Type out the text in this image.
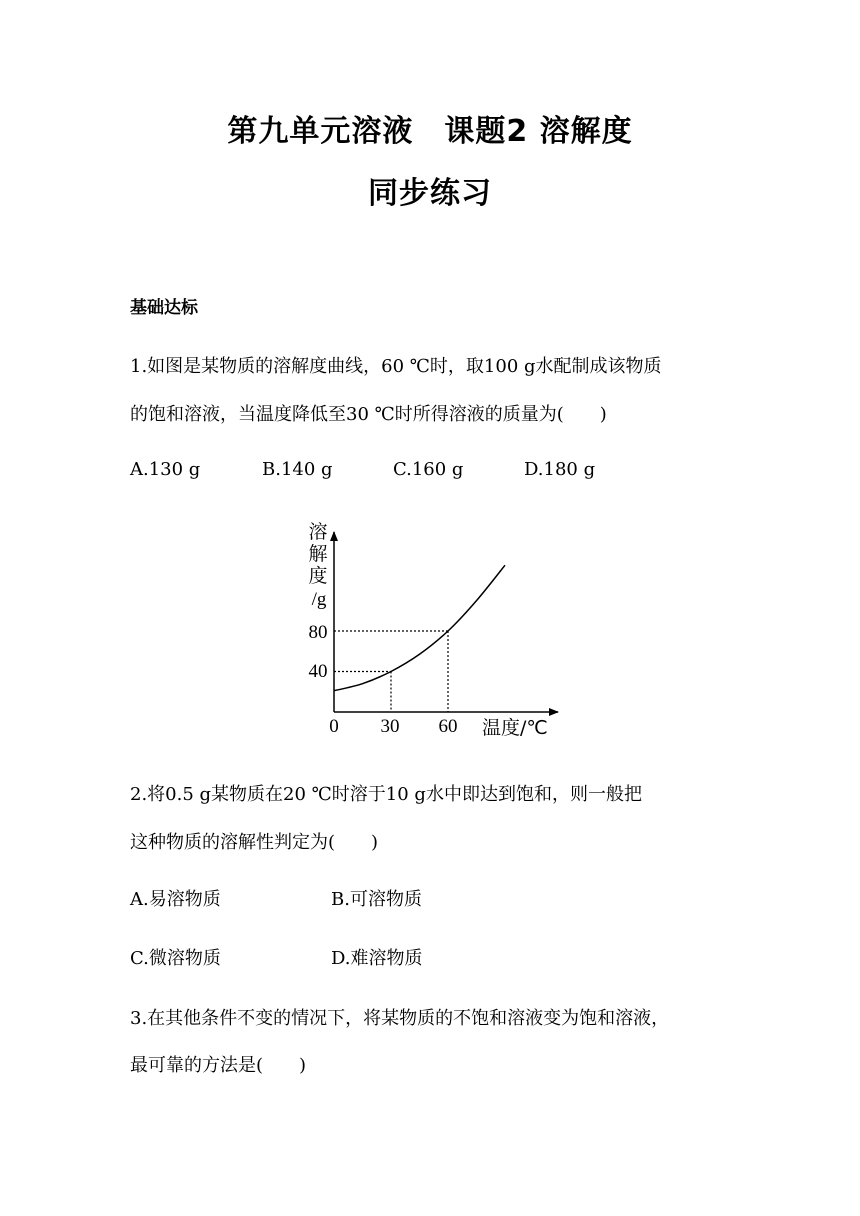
第九单元溶液　课题2 溶解度
同步练习
基础达标
1.如图是某物质的溶解度曲线，60 ℃时，取100 g水配制成该物质
的饱和溶液，当温度降低至30 ℃时所得溶液的质量为(　　)
A.130 g	B.140 g	C.160 g	D.180 g
溶
解
度
/g
40
80
0 30 60 温度/℃
2.将0.5 g某物质在20 ℃时溶于10 g水中即达到饱和，则一般把
这种物质的溶解性判定为(　　)
A.易溶物质	B.可溶物质
C.微溶物质	D.难溶物质
3.在其他条件不变的情况下，将某物质的不饱和溶液变为饱和溶液，
最可靠的方法是(　　)
